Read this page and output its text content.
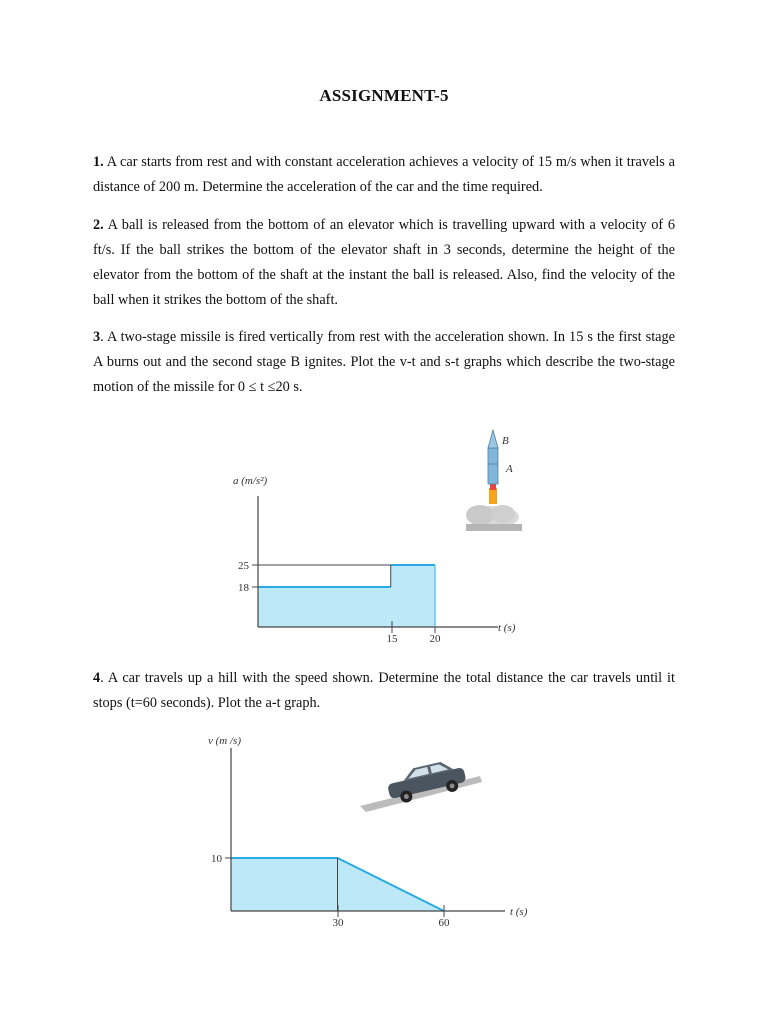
ASSIGNMENT-5

1. A car starts from rest and with constant acceleration achieves a velocity of 15 m/s when it travels a distance of 200 m. Determine the acceleration of the car and the time required.

2. A ball is released from the bottom of an elevator which is travelling upward with a velocity of 6 ft/s. If the ball strikes the bottom of the elevator shaft in 3 seconds, determine the height of the elevator from the bottom of the shaft at the instant the ball is released. Also, find the velocity of the ball when it strikes the bottom of the shaft.

3. A two-stage missile is fired vertically from rest with the acceleration shown. In 15 s the first stage A burns out and the second stage B ignites. Plot the v-t and s-t graphs which describe the two-stage motion of the missile for 0 ≤ t ≤20 s.

a (m/s²)
25
18
15	20
t (s)
B
A

4. A car travels up a hill with the speed shown. Determine the total distance the car travels until it stops (t=60 seconds). Plot the a-t graph.

v (m /s)
10
30	60
t (s)
